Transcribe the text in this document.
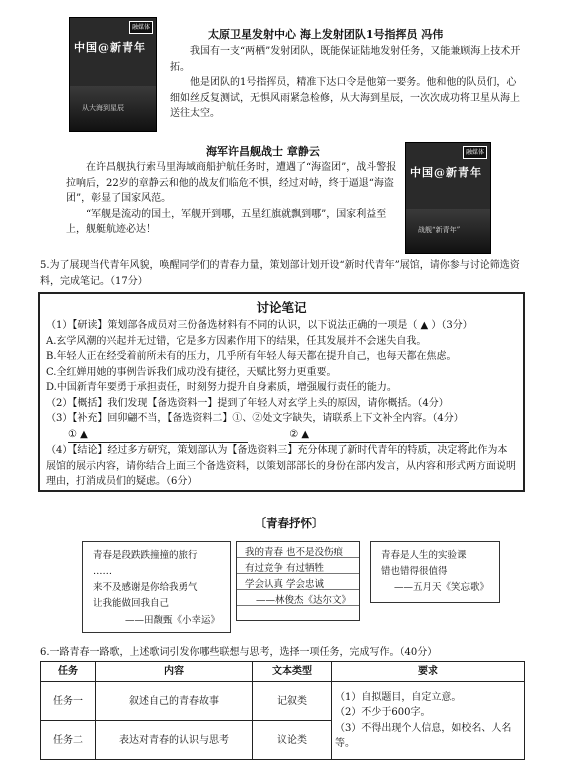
融媒体
中国@新青年
从大海到星辰
太原卫星发射中心 海上发射团队1号指挥员 冯伟
我国有一支“两栖”发射团队，既能保证陆地发射任务，又能兼顾海上技术开拓。
他是团队的1号指挥员，精准下达口令是他第一要务。他和他的队员们，心细如丝反复测试，无惧风雨紧急检修，从大海到星辰，一次次成功将卫星从海上送往太空。
海军许昌舰战士 章静云
在许昌舰执行索马里海域商船护航任务时，遭遇了“海盗团”，战斗警报拉响后，22岁的章静云和他的战友们临危不惧，经过对峙，终于逼退“海盗团”，彰显了国家风范。
“军舰是流动的国土，军舰开到哪，五星红旗就飘到哪”，国家利益至上，舰艇航迹必达！
融媒体
中国@新青年
战舰“新青年”
5.为了展现当代青年风貌，唤醒同学们的青春力量，策划部计划开设“新时代青年”展馆，请你参与讨论筛选资料，完成笔记。（17分）
讨论笔记

（1）【研读】策划部各成员对三份备选材料有不同的认识，以下说法正确的一项是（ ▲ ）（3分）

A.玄学风潮的兴起并无过错，它是多方因素作用下的结果，任其发展并不会迷失自我。

B.年轻人正在经受着前所未有的压力，几乎所有年轻人每天都在提升自己，也每天都在焦虑。

C.全红婵用她的事例告诉我们成功没有捷径，天赋比努力更重要。

D.中国新青年要勇于承担责任，时刻努力提升自身素质，增强履行责任的能力。

（2）【概括】我们发现【备选资料一】提到了年轻人对玄学上头的原因，请你概括。（4分）

（3）【补充】回卯翩不当，【备选资料二】①、②处文字缺失，请联系上下文补全内容。（4分）

① ▲	② ▲

（4）【结论】经过多方研究，策划部认为【备选资料三】充分体现了新时代青年的特质，决定将此作为本展馆的展示内容，请你结合上面三个备选资料，以策划部部长的身份在部内发言，从内容和形式两方面说明理由，打消成员们的疑虑。（6分）

〔青春抒怀〕
青春是段跌跌撞撞的旅行
……
来不及感谢是你给我勇气
让我能做回我自己
——田馥甄《小幸运》
我的青春 也不是没伤痕
有过竞争 有过牺牲
学会认真 学会忠诚
——林俊杰《达尔文》
青春是人生的实验课
错也错得很值得
——五月天《笑忘歌》
6.一路青春一路歌，上述歌词引发你哪些联想与思考，选择一项任务，完成写作。（40分）
任务	内容	文本类型	要求
任务一	叙述自己的青春故事	记叙类	（1）自拟题目，自定立意。
（2）不少于600字。
（3）不得出现个人信息，如校名、人名等。

任务二	表达对青春的认识与思考	议论类	
